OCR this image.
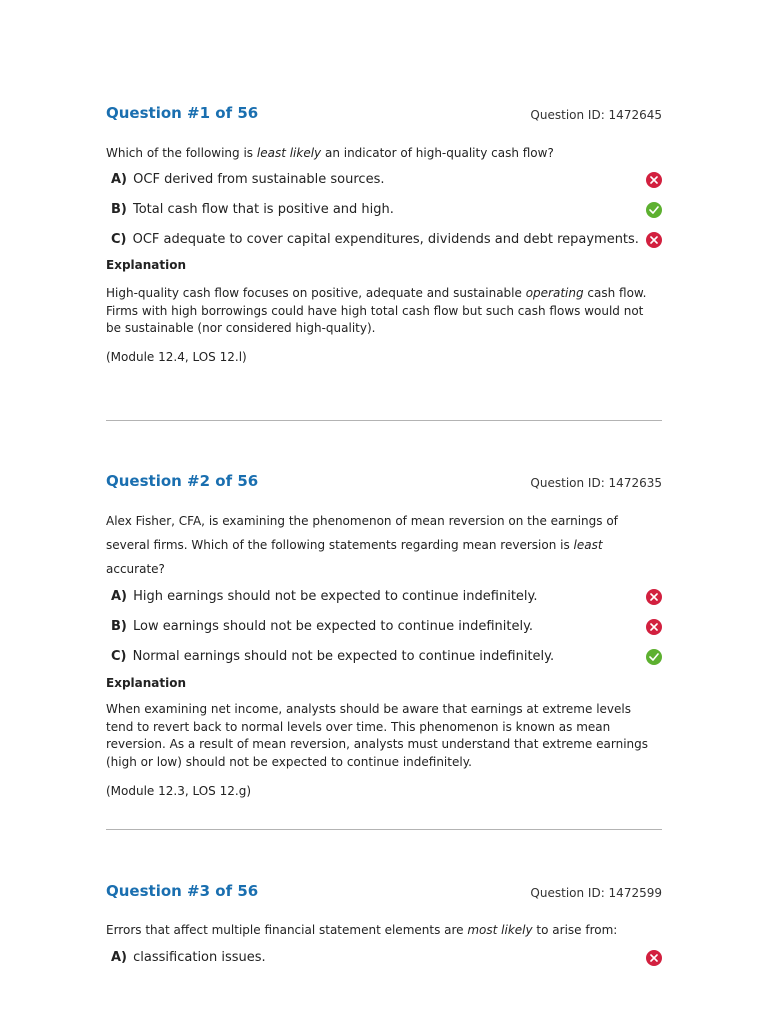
Question #1 of 56	Question ID: 1472645

Which of the following is least likely an indicator of high-quality cash flow?

A) OCF derived from sustainable sources.
B) Total cash flow that is positive and high.
C) OCF adequate to cover capital expenditures, dividends and debt repayments.

Explanation

High-quality cash flow focuses on positive, adequate and sustainable operating cash flow. Firms with high borrowings could have high total cash flow but such cash flows would not be sustainable (nor considered high-quality).

(Module 12.4, LOS 12.l)

Question #2 of 56	Question ID: 1472635

Alex Fisher, CFA, is examining the phenomenon of mean reversion on the earnings of several firms. Which of the following statements regarding mean reversion is least accurate?

A) High earnings should not be expected to continue indefinitely.
B) Low earnings should not be expected to continue indefinitely.
C) Normal earnings should not be expected to continue indefinitely.

Explanation

When examining net income, analysts should be aware that earnings at extreme levels tend to revert back to normal levels over time. This phenomenon is known as mean reversion. As a result of mean reversion, analysts must understand that extreme earnings (high or low) should not be expected to continue indefinitely.

(Module 12.3, LOS 12.g)

Question #3 of 56	Question ID: 1472599

Errors that affect multiple financial statement elements are most likely to arise from:

A) classification issues.
